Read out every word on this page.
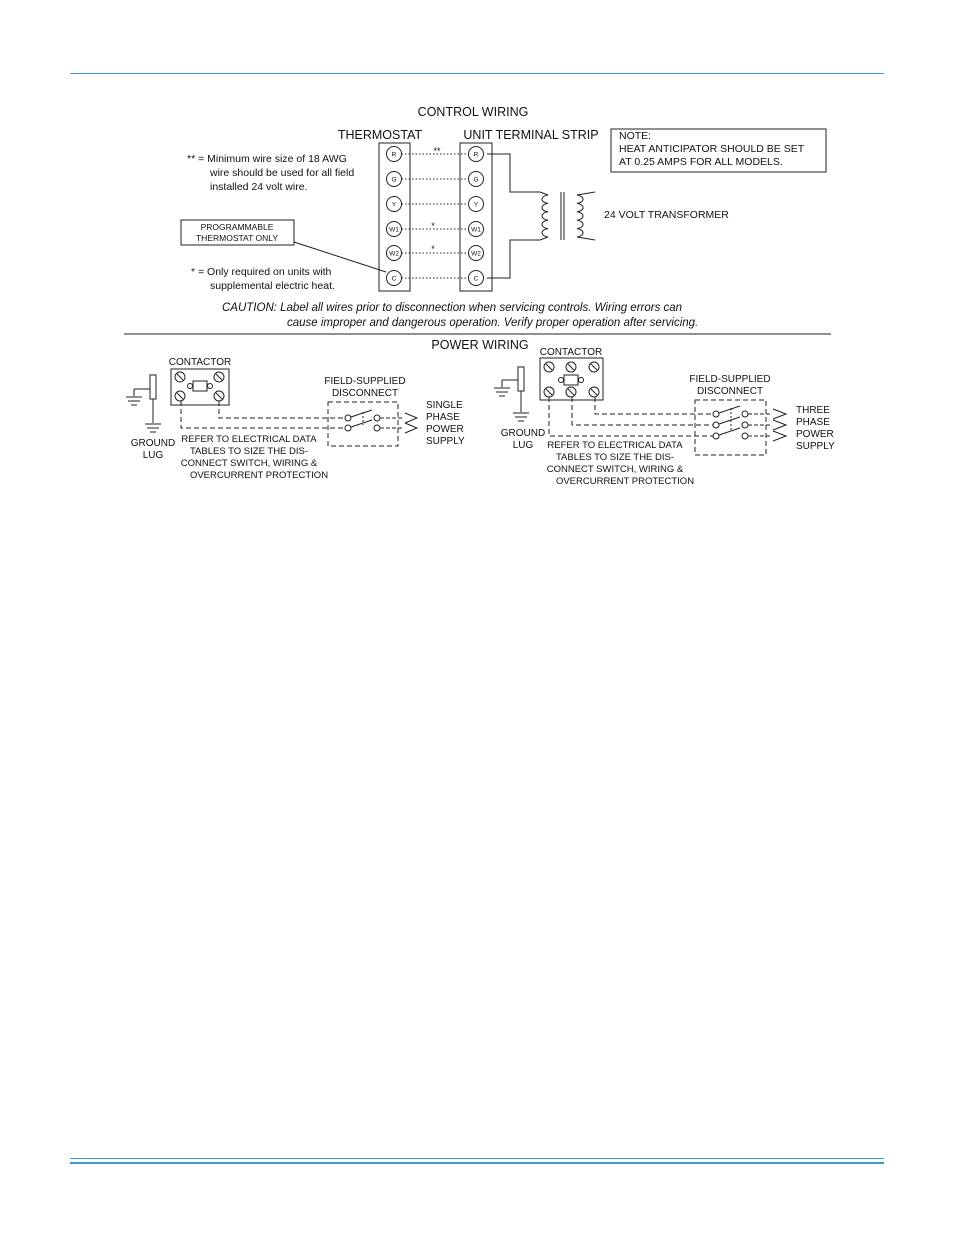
CONTROL WIRING
THERMOSTAT	UNIT TERMINAL STRIP
R	R
G	G
Y	Y
W1	W1
W2	W2
C	C
**
*
*
** = Minimum wire size of 18 AWG
wire should be used for all field
installed 24 volt wire.
PROGRAMMABLE
THERMOSTAT ONLY
* = Only required on units with
supplemental electric heat.
NOTE:
HEAT ANTICIPATOR SHOULD BE SET
AT 0.25 AMPS FOR ALL MODELS.
24 VOLT TRANSFORMER
CAUTION: Label all wires prior to disconnection when servicing controls. Wiring errors can
cause improper and dangerous operation. Verify proper operation after servicing.
POWER WIRING
CONTACTOR
GROUND
LUG
FIELD-SUPPLIED
DISCONNECT
SINGLE
PHASE
POWER
SUPPLY
REFER TO ELECTRICAL DATA
TABLES TO SIZE THE DIS-
CONNECT SWITCH, WIRING &
OVERCURRENT PROTECTION
CONTACTOR
GROUND
LUG
FIELD-SUPPLIED
DISCONNECT
THREE
PHASE
POWER
SUPPLY
REFER TO ELECTRICAL DATA
TABLES TO SIZE THE DIS-
CONNECT SWITCH, WIRING &
OVERCURRENT PROTECTION
